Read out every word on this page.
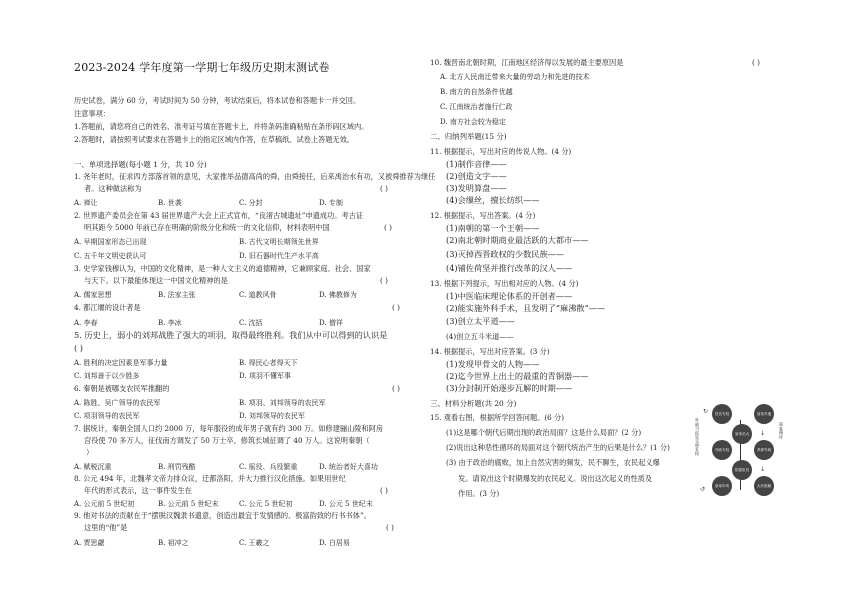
2023-2024 学年度第一学期七年级历史期末测试卷
历史试卷，满分 60 分，考试时间为 50 分钟，考试结束后，将本试卷和答题卡一并交回。
注意事项：
1.答题前，请您将自己的姓名、准考证号填在答题卡上，并将条码准确粘贴在条形码区域内。
2.答题时，请按照考试要求在答题卡上的指定区域内作答，在草稿纸、试卷上答题无效。
一、单项选择题(每小题 1 分，共 10 分)
1. 尧年老时，征求四方部落首领的意见，大家推举品德高尚的舜，由舜接任，后来禹治水有功，又被舜推荐为继任
者。这种做法称为	( )
A. 禅让	B. 世袭	C. 分封	D. 专制
2. 世界遗产委员会在第 43 届世界遗产大会上正式宣布，“良渚古城遗址”申遗成功。考古证
明其距今 5000 年前已存在明确的阶级分化和统一的文化信仰，材料表明中国	( )
A. 早期国家形态已出现	B. 古代文明长期领先世界
C. 五千年文明史获认可	D. 旧石器时代生产水平高
3. 史学家钱穆认为，中国的文化精神，是一种人文主义的道德精神，它兼顾家庭、社会、国家
与天下。以下最能体现这一中国文化精神的是	( )
A. 儒家思想	B. 法家主张	C. 道教风骨	D. 佛教修为
4. 都江堰的设计者是	( )
A. 李春	B. 李冰	C. 沈括	D. 僧祥
5. 历史上，弱小的刘邦战胜了强大的项羽，取得最终胜利。我们从中可以得到的认识是
( )
A. 胜利的决定因素是军事力量	B. 得民心者得天下
C. 刘邦善于以少胜多	D. 项羽不懂军事
6. 秦朝是被哪支农民军推翻的	( )
A. 陈胜、吴广领导的农民军	B. 项羽、刘邦领导的农民军
C. 项羽领导的农民军	D. 刘邦领导的农民军
7. 据统计，秦朝全国人口约 2000 万，每年服役的成年男子就有约 300 万。如修建骊山陵和阿房
宫役使 70 多万人，征伐南方调发了 50 万士卒，修筑长城征调了 40 万人。这说明秦朝（
）
A. 赋税沉重	B. 刑罚残酷	C. 徭役、兵役繁重	D. 统治者好大喜功
8. 公元 494 年，北魏孝文帝力排众议，迁都洛阳，并大力推行汉化措施。如果用世纪
年代的形式表示，这一事件发生在	( )
A. 公元前 5 世纪初	B. 公元前 5 世纪末	C. 公元 5 世纪初	D. 公元 5 世纪末
9. 他对书法的贡献在于“摆脱汉魏隶书遗意，创造出最宜于发情感的、极富韵致的行书书体”。
这里的“他”是	( )
A. 贾思勰	B. 祖冲之	C. 王羲之	D. 白居易
10. 魏晋南北朝时期，江南地区经济得以发展的最主要原因是	( )
A. 北方人民南迁带来大量的劳动力和先进的技术
B. 南方的自然条件优越
C. 江南统治者施行仁政
D. 南方社会较为稳定
二、归纳列举题(15 分)
11. 根据提示，写出对应的传说人物。(4 分)
(1)制作音律——
(2)创造文字——
(3)发明算盘——
(4)会缫丝，擅长纺织——
12. 根据提示，写出答案。(4 分)
(1)南朝的第一个王朝——
(2)南北朝时期商业最活跃的大都市——
(3)灭掉西晋政权的少数民族——
(4)铺佐荷坚并推行改革的汉人——
13. 根据下列提示，写出相对应的人物。(4 分)
(1)中医临床理论体系的开创者——
(2)能实施外科手术，且发明了“麻沸散”——
(3)创立太平道——
(4)创立五斗米道——
14. 根据提示，写出对应答案。(3 分)
(1)发现甲骨文的人物——
(2)迄今世界上出土的最重的青铜器——
(3)分封制开始逐步瓦解的时期——
三、材料分析题(共 20 分)
15. 观看右图，根据所学回答问题。(6 分)
(1)这是哪个朝代后期出现的政治局面？这是什么局面？(2 分)
(2)说出这种恶性循环的局面对这个朝代统治产生的后果是什么？(1 分)
(3) 由于政治的腐败，加上自然灾害的频发，民不聊生，农民起义爆
发。请说出这个时期爆发的农民起义。说出这次起义的性质及
作用。(3 分)
外戚与宦官交替专权
↻	官官专权
外戚专权
皇帝年幼
↺
皇帝长大
依靠宦官
皇帝早逝
杀掉外戚
太后临朝
↓
↓
重复循环
